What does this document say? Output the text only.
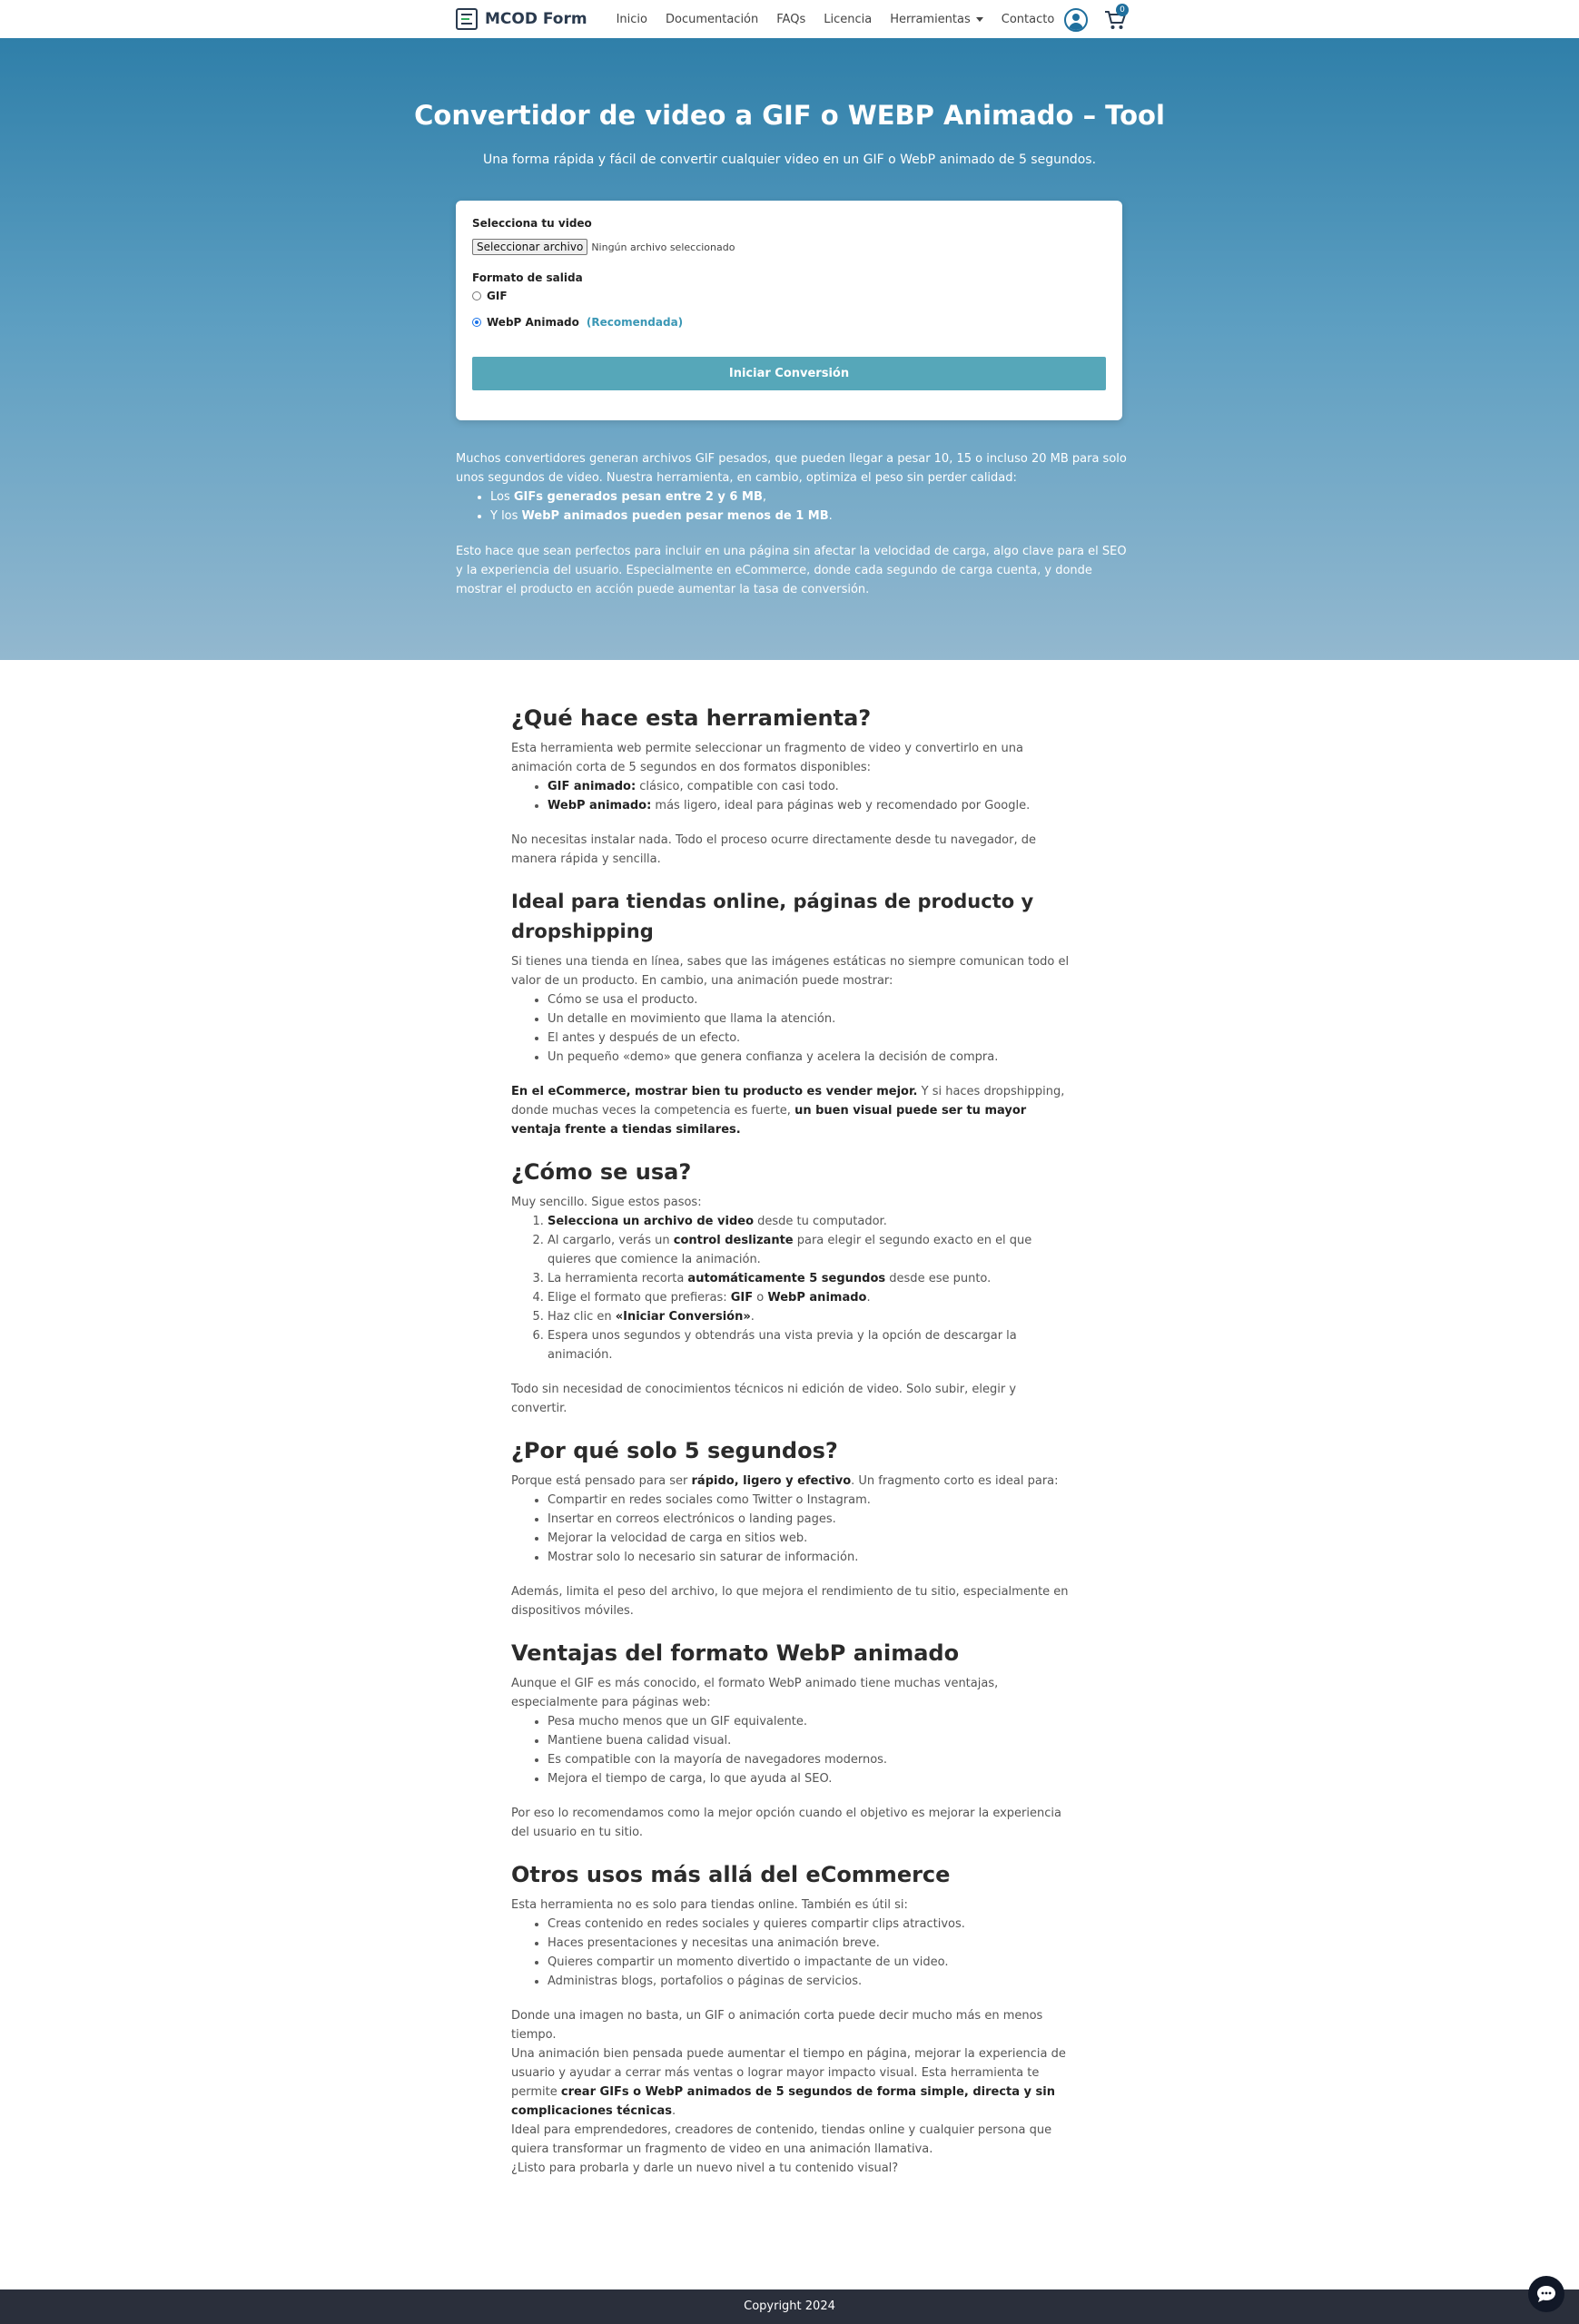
MCOD Form Inicio Documentación FAQs Licencia Herramientas	Contacto
0
Convertidor de video a GIF o WEBP Animado – Tool
Una forma rápida y fácil de convertir cualquier video en un GIF o WebP animado de 5 segundos.
Selecciona tu video
Seleccionar archivo Ningún archivo seleccionado
Formato de salida
GIF
WebP Animado (Recomendada)
Iniciar Conversión

Muchos convertidores generan archivos GIF pesados, que pueden llegar a pesar 10, 15 o incluso 20 MB para solo unos segundos de video. Nuestra herramienta, en cambio, optimiza el peso sin perder calidad:

• Los GIFs generados pesan entre 2 y 6 MB,
• Y los WebP animados pueden pesar menos de 1 MB.
Esto hace que sean perfectos para incluir en una página sin afectar la velocidad de carga, algo clave para el SEO y la experiencia del usuario. Especialmente en eCommerce, donde cada segundo de carga cuenta, y donde mostrar el producto en acción puede aumentar la tasa de conversión.
¿Qué hace esta herramienta?

Esta herramienta web permite seleccionar un fragmento de video y convertirlo en una animación corta de 5 segundos en dos formatos disponibles:

• GIF animado: clásico, compatible con casi todo.
• WebP animado: más ligero, ideal para páginas web y recomendado por Google.

No necesitas instalar nada. Todo el proceso ocurre directamente desde tu navegador, de manera rápida y sencilla.

Ideal para tiendas online, páginas de producto y dropshipping

Si tienes una tienda en línea, sabes que las imágenes estáticas no siempre comunican todo el valor de un producto. En cambio, una animación puede mostrar:

• Cómo se usa el producto.
• Un detalle en movimiento que llama la atención.
• El antes y después de un efecto.
• Un pequeño «demo» que genera confianza y acelera la decisión de compra.

En el eCommerce, mostrar bien tu producto es vender mejor. Y si haces dropshipping, donde muchas veces la competencia es fuerte, un buen visual puede ser tu mayor ventaja frente a tiendas similares.

¿Cómo se usa?

Muy sencillo. Sigue estos pasos:

1. Selecciona un archivo de video desde tu computador.
2. Al cargarlo, verás un control deslizante para elegir el segundo exacto en el que quieres que comience la animación.
3. La herramienta recorta automáticamente 5 segundos desde ese punto.
4. Elige el formato que prefieras: GIF o WebP animado.
5. Haz clic en «Iniciar Conversión».
6. Espera unos segundos y obtendrás una vista previa y la opción de descargar la animación.

Todo sin necesidad de conocimientos técnicos ni edición de video. Solo subir, elegir y convertir.

¿Por qué solo 5 segundos?

Porque está pensado para ser rápido, ligero y efectivo. Un fragmento corto es ideal para:

• Compartir en redes sociales como Twitter o Instagram.
• Insertar en correos electrónicos o landing pages.
• Mejorar la velocidad de carga en sitios web.
• Mostrar solo lo necesario sin saturar de información.

Además, limita el peso del archivo, lo que mejora el rendimiento de tu sitio, especialmente en dispositivos móviles.

Ventajas del formato WebP animado

Aunque el GIF es más conocido, el formato WebP animado tiene muchas ventajas, especialmente para páginas web:

• Pesa mucho menos que un GIF equivalente.
• Mantiene buena calidad visual.
• Es compatible con la mayoría de navegadores modernos.
• Mejora el tiempo de carga, lo que ayuda al SEO.

Por eso lo recomendamos como la mejor opción cuando el objetivo es mejorar la experiencia del usuario en tu sitio.

Otros usos más allá del eCommerce

Esta herramienta no es solo para tiendas online. También es útil si:

• Creas contenido en redes sociales y quieres compartir clips atractivos.
• Haces presentaciones y necesitas una animación breve.
• Quieres compartir un momento divertido o impactante de un video.
• Administras blogs, portafolios o páginas de servicios.

Donde una imagen no basta, un GIF o animación corta puede decir mucho más en menos tiempo.

Una animación bien pensada puede aumentar el tiempo en página, mejorar la experiencia de usuario y ayudar a cerrar más ventas o lograr mayor impacto visual. Esta herramienta te permite crear GIFs o WebP animados de 5 segundos de forma simple, directa y sin complicaciones técnicas.

Ideal para emprendedores, creadores de contenido, tiendas online y cualquier persona que quiera transformar un fragmento de video en una animación llamativa.

¿Listo para probarla y darle un nuevo nivel a tu contenido visual?

Copyright 2024
